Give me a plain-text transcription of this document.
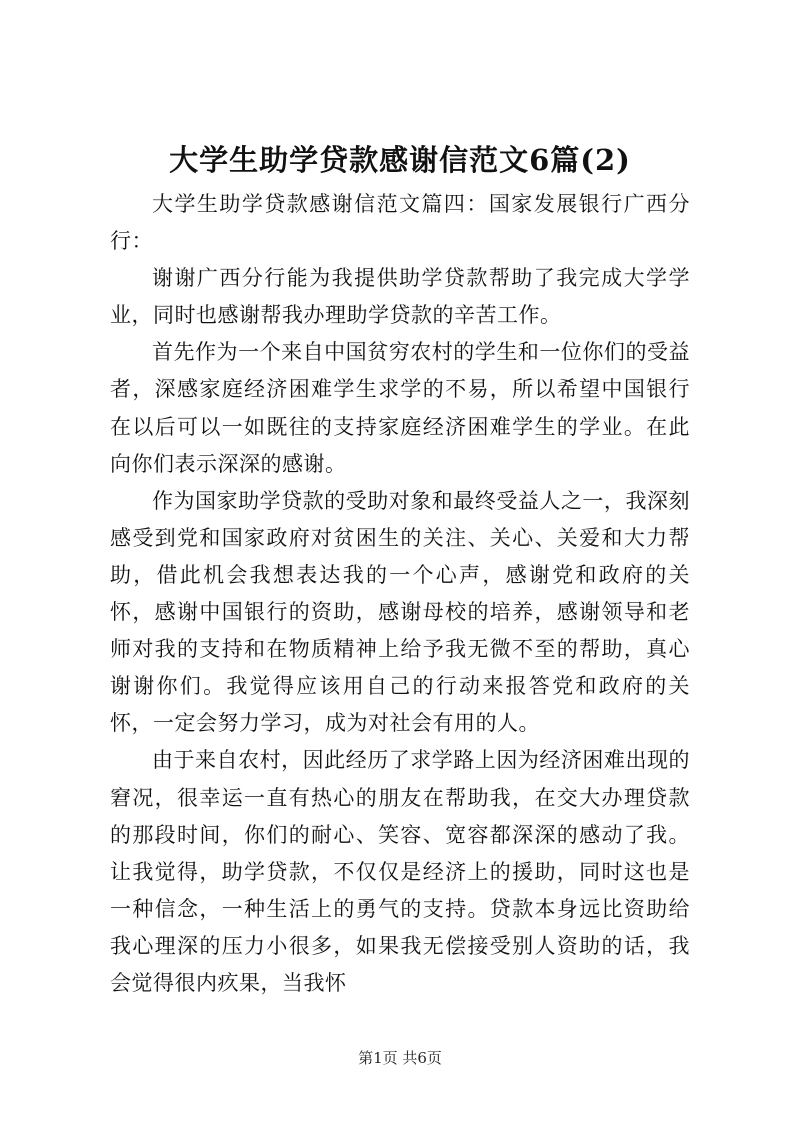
大学生助学贷款感谢信范文6篇(2)

大学生助学贷款感谢信范文篇四：国家发展银行广西分行：

谢谢广西分行能为我提供助学贷款帮助了我完成大学学业，同时也感谢帮我办理助学贷款的辛苦工作。

首先作为一个来自中国贫穷农村的学生和一位你们的受益者，深感家庭经济困难学生求学的不易，所以希望中国银行在以后可以一如既往的支持家庭经济困难学生的学业。在此向你们表示深深的感谢。

作为国家助学贷款的受助对象和最终受益人之一，我深刻感受到党和国家政府对贫困生的关注、关心、关爱和大力帮助，借此机会我想表达我的一个心声，感谢党和政府的关怀，感谢中国银行的资助，感谢母校的培养，感谢领导和老师对我的支持和在物质精神上给予我无微不至的帮助，真心谢谢你们。我觉得应该用自己的行动来报答党和政府的关怀，一定会努力学习，成为对社会有用的人。

由于来自农村，因此经历了求学路上因为经济困难出现的窘况，很幸运一直有热心的朋友在帮助我，在交大办理贷款的那段时间，你们的耐心、笑容、宽容都深深的感动了我。让我觉得，助学贷款，不仅仅是经济上的援助，同时这也是一种信念，一种生活上的勇气的支持。贷款本身远比资助给我心理深的压力小很多，如果我无偿接受别人资助的话，我会觉得很内疚果，当我怀

第1页 共6页
